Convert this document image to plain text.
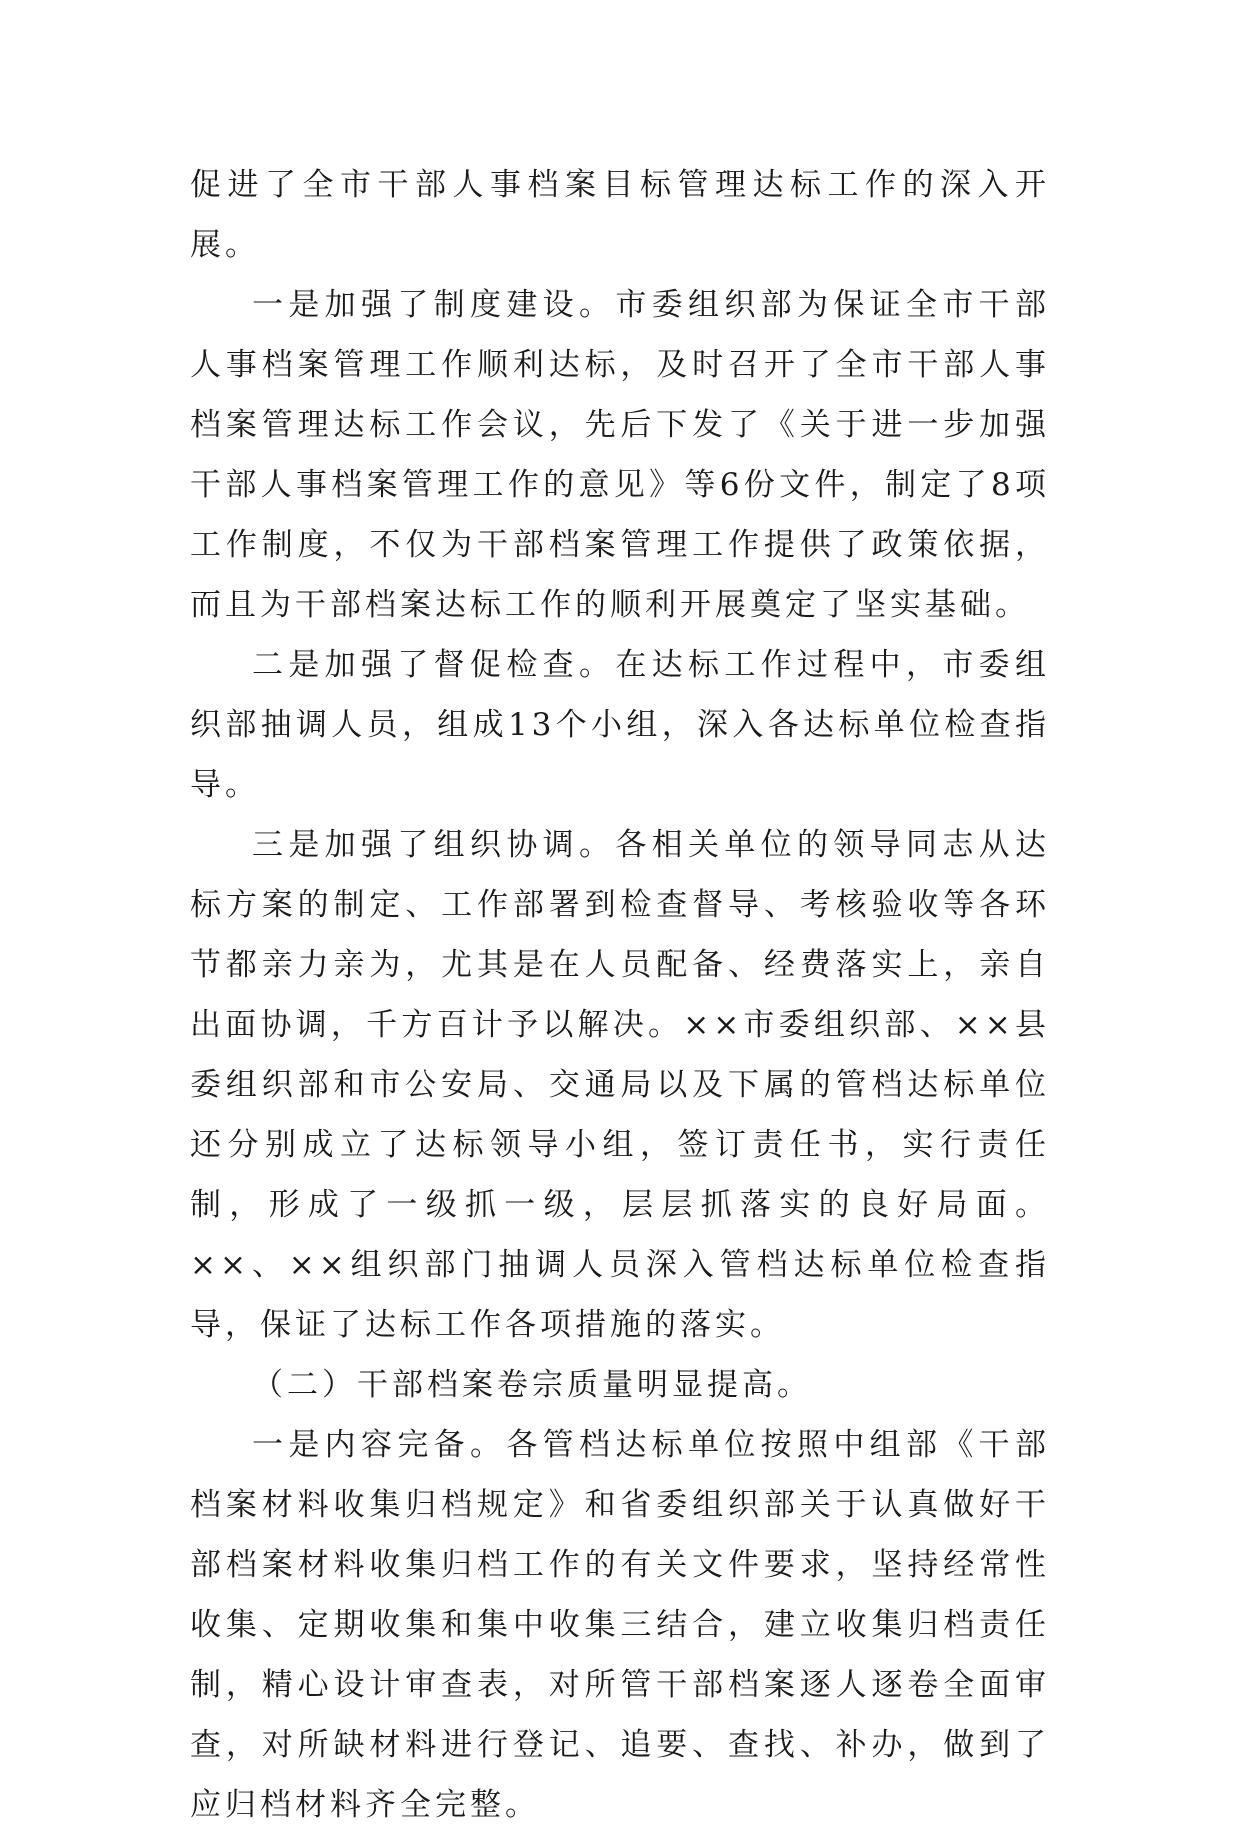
促进了全市干部人事档案目标管理达标工作的深入开展。

一是加强了制度建设。市委组织部为保证全市干部人事档案管理工作顺利达标，及时召开了全市干部人事档案管理达标工作会议，先后下发了《关于进一步加强干部人事档案管理工作的意见》等6份文件，制定了8项工作制度，不仅为干部档案管理工作提供了政策依据，而且为干部档案达标工作的顺利开展奠定了坚实基础。

二是加强了督促检查。在达标工作过程中，市委组织部抽调人员，组成13个小组，深入各达标单位检查指导。

三是加强了组织协调。各相关单位的领导同志从达标方案的制定、工作部署到检查督导、考核验收等各环节都亲力亲为，尤其是在人员配备、经费落实上，亲自出面协调，千方百计予以解决。××市委组织部、××县委组织部和市公安局、交通局以及下属的管档达标单位还分别成立了达标领导小组，签订责任书，实行责任制，形成了一级抓一级，层层抓落实的良好局面。××、××组织部门抽调人员深入管档达标单位检查指导，保证了达标工作各项措施的落实。

（二）干部档案卷宗质量明显提高。

一是内容完备。各管档达标单位按照中组部《干部档案材料收集归档规定》和省委组织部关于认真做好干部档案材料收集归档工作的有关文件要求，坚持经常性收集、定期收集和集中收集三结合，建立收集归档责任制，精心设计审查表，对所管干部档案逐人逐卷全面审查，对所缺材料进行登记、追要、查找、补办，做到了应归档材料齐全完整。
